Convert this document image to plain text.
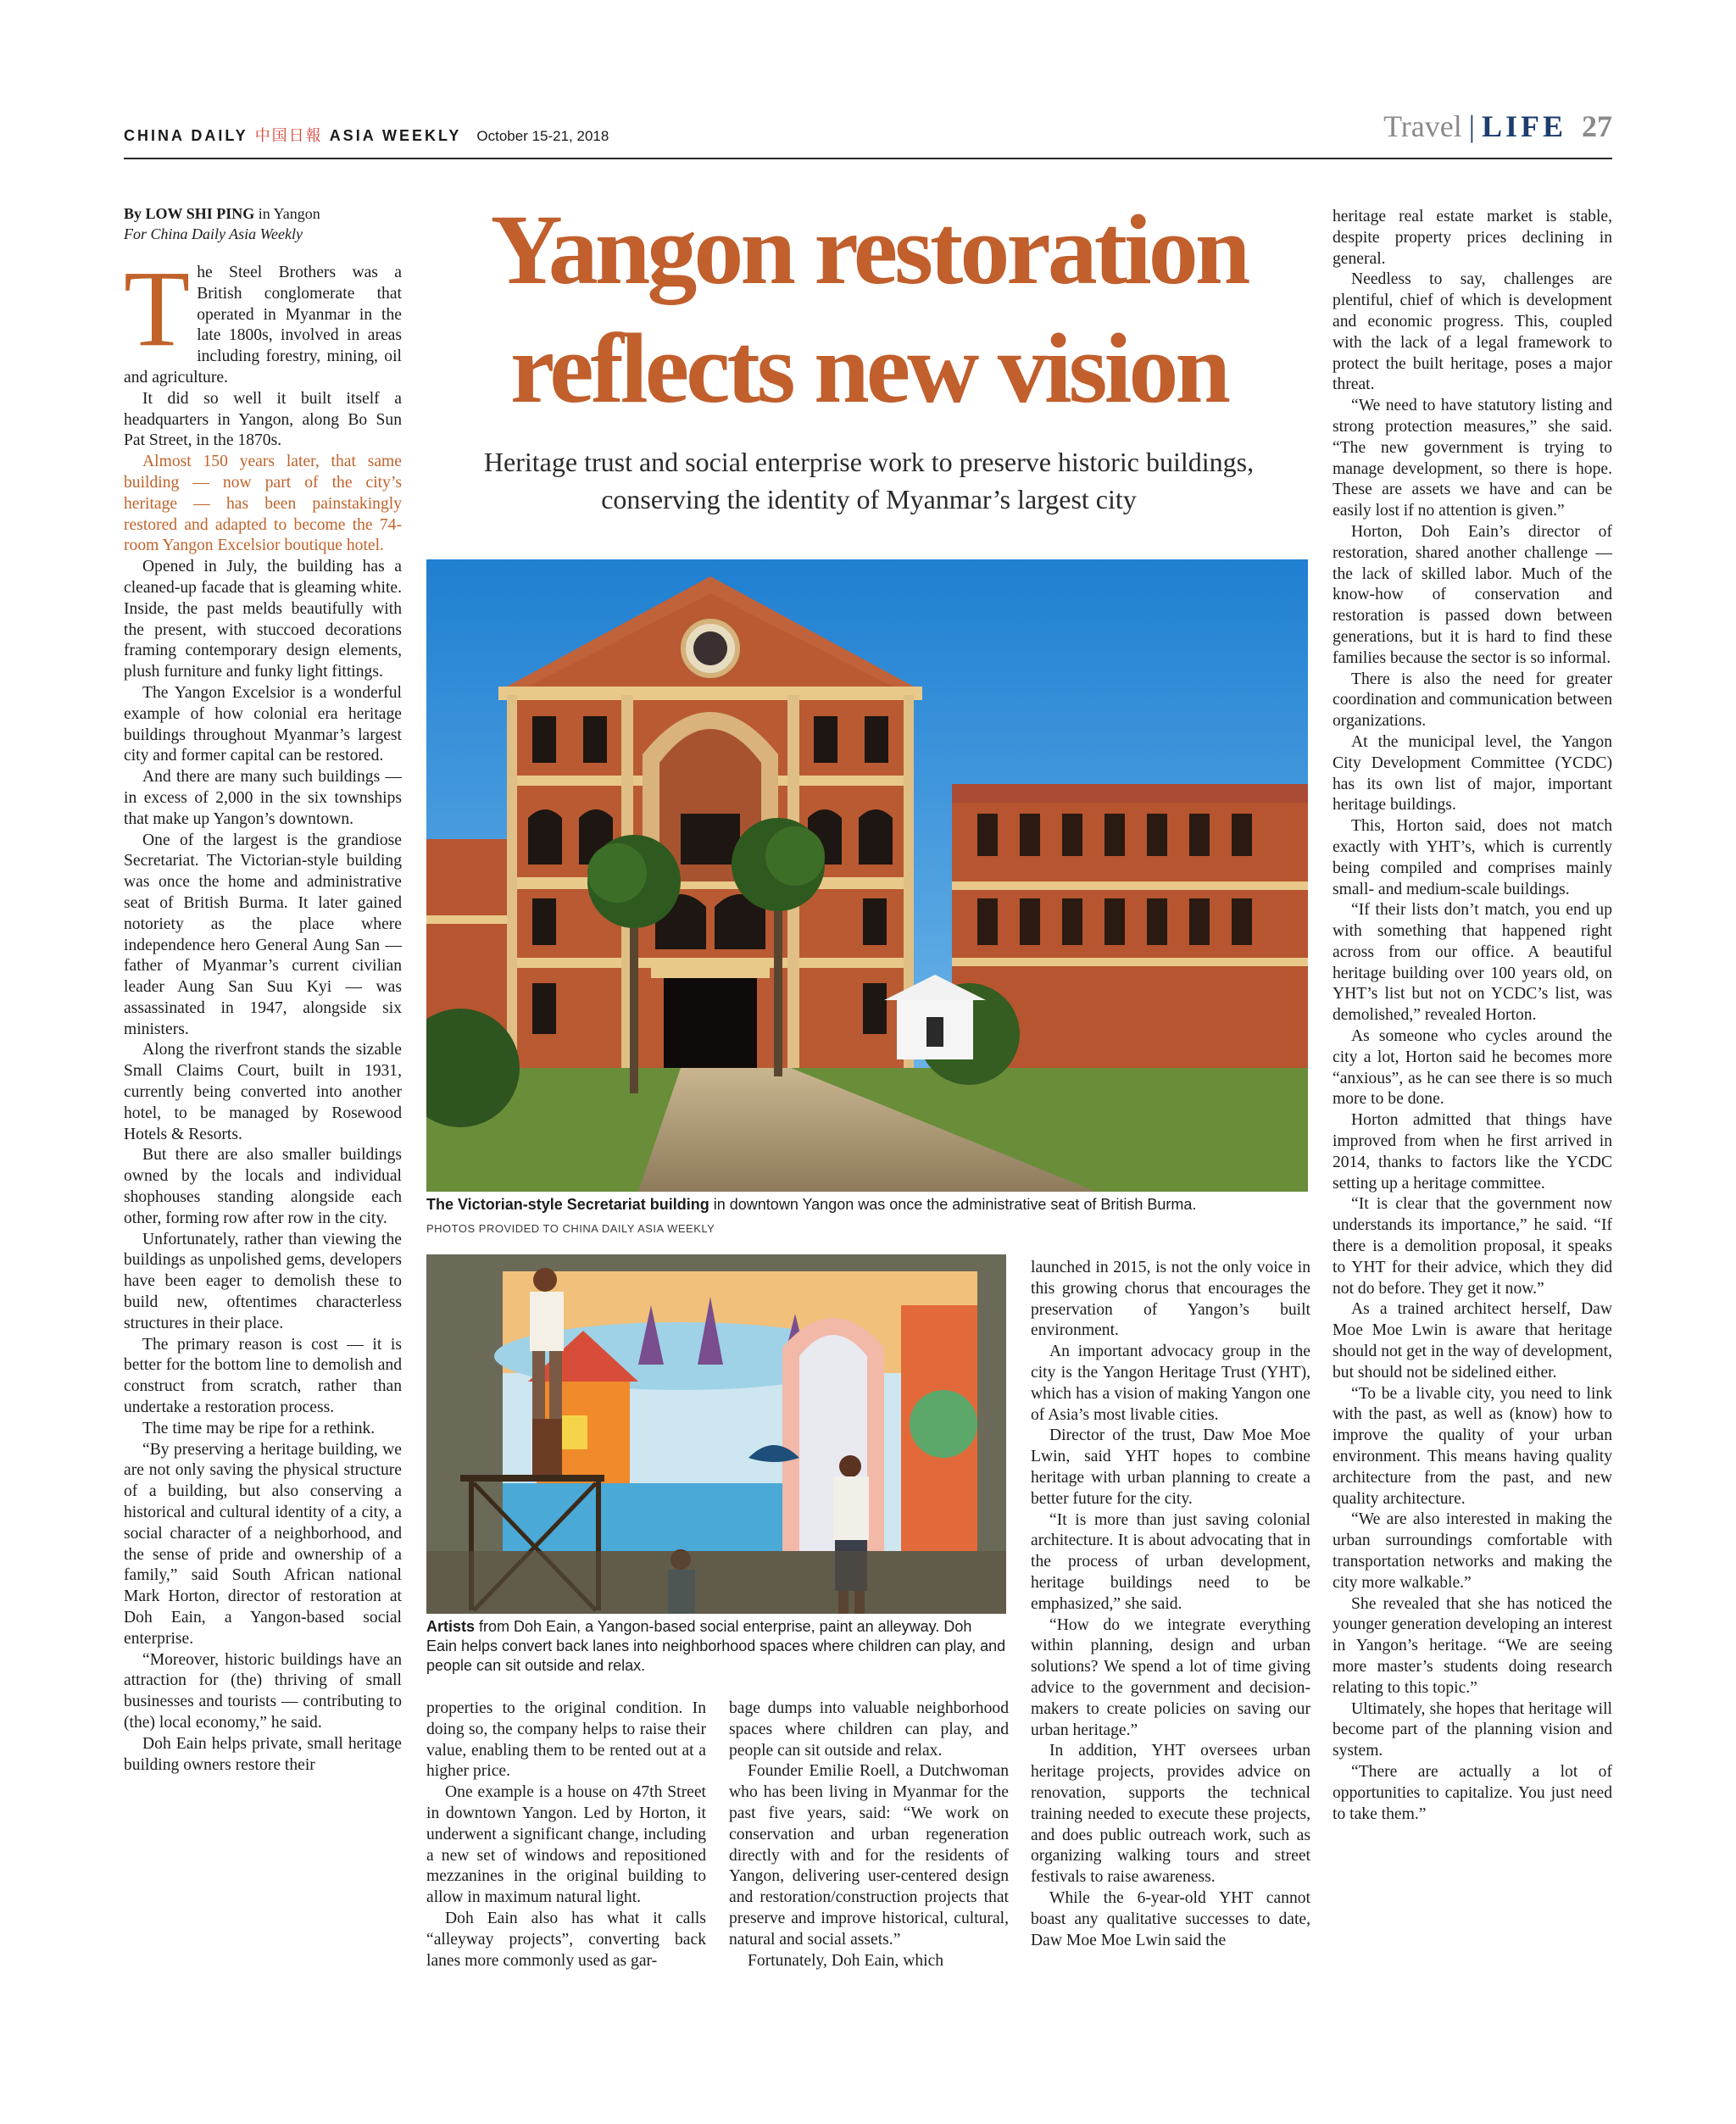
CHINA DAILY 中国日報 ASIA WEEKLY October 15-21, 2018	Travel | LIFE 27
By LOW SHI PING in Yangon
For China Daily Asia Weekly	Yangon restoration
reflects new vision
Heritage trust and social enterprise work to preserve historic buildings,
conserving the identity of Myanmar’s largest city

The Steel Brothers was a British conglomerate that operated in Myanmar in the late 1800s, involved in areas including forestry, mining, oil and agriculture.

It did so well it built itself a headquarters in Yangon, along Bo Sun Pat Street, in the 1870s.

Almost 150 years later, that same building — now part of the city’s heritage — has been painstakingly restored and adapted to become the 74-room Yangon Excelsior boutique hotel.

Opened in July, the building has a cleaned-up facade that is gleaming white. Inside, the past melds beautifully with the present, with stuccoed decorations framing contemporary design elements, plush furniture and funky light fittings.

The Yangon Excelsior is a wonderful example of how colonial era heritage buildings throughout Myanmar’s largest city and former capital can be restored.

And there are many such buildings — in excess of 2,000 in the six townships that make up Yangon’s downtown.

One of the largest is the grandiose Secretariat. The Victorian-style building was once the home and administrative seat of British Burma. It later gained notoriety as the place where independence hero General Aung San — father of Myanmar’s current civilian leader Aung San Suu Kyi — was assassinated in 1947, alongside six ministers.

Along the riverfront stands the sizable Small Claims Court, built in 1931, currently being converted into another hotel, to be managed by Rosewood Hotels & Resorts.

But there are also smaller buildings owned by the locals and individual shophouses standing alongside each other, forming row after row in the city.

Unfortunately, rather than viewing the buildings as unpolished gems, developers have been eager to demolish these to build new, oftentimes characterless structures in their place.

The primary reason is cost — it is better for the bottom line to demolish and construct from scratch, rather than undertake a restoration process.

The time may be ripe for a rethink.

“By preserving a heritage building, we are not only saving the physical structure of a building, but also conserving a historical and cultural identity of a city, a social character of a neighborhood, and the sense of pride and ownership of a family,” said South African national Mark Horton, director of restoration at Doh Eain, a Yangon-based social enterprise.

“Moreover, historic buildings have an attraction for (the) thriving of small businesses and tourists — contributing to (the) local economy,” he said.

Doh Eain helps private, small heritage building owners restore their

The Victorian-style Secretariat building in downtown Yangon was once the administrative seat of British Burma.
PHOTOS PROVIDED TO CHINA DAILY ASIA WEEKLY
Artists from Doh Eain, a Yangon-based social enterprise, paint an alleyway. Doh Eain helps convert back lanes into neighborhood spaces where children can play, and people can sit outside and relax.

properties to the original condition. In doing so, the company helps to raise their value, enabling them to be rented out at a higher price.

One example is a house on 47th Street in downtown Yangon. Led by Horton, it underwent a significant change, including a new set of windows and repositioned mezzanines in the original building to allow in maximum natural light.

Doh Eain also has what it calls “alleyway projects”, converting back lanes more commonly used as gar-

bage dumps into valuable neighborhood spaces where children can play, and people can sit outside and relax.

Founder Emilie Roell, a Dutchwoman who has been living in Myanmar for the past five years, said: “We work on conservation and urban regeneration directly with and for the residents of Yangon, delivering user-centered design and restoration/construction projects that preserve and improve historical, cultural, natural and social assets.”

Fortunately, Doh Eain, which

launched in 2015, is not the only voice in this growing chorus that encourages the preservation of Yangon’s built environment.

An important advocacy group in the city is the Yangon Heritage Trust (YHT), which has a vision of making Yangon one of Asia’s most livable cities.

Director of the trust, Daw Moe Moe Lwin, said YHT hopes to combine heritage with urban planning to create a better future for the city.

“It is more than just saving colonial architecture. It is about advocating that in the process of urban development, heritage buildings need to be emphasized,” she said.

“How do we integrate everything within planning, design and urban solutions? We spend a lot of time giving advice to the government and decision-makers to create policies on saving our urban heritage.”

In addition, YHT oversees urban heritage projects, provides advice on renovation, supports the technical training needed to execute these projects, and does public outreach work, such as organizing walking tours and street festivals to raise awareness.

While the 6-year-old YHT cannot boast any qualitative successes to date, Daw Moe Moe Lwin said the

heritage real estate market is stable, despite property prices declining in general.

Needless to say, challenges are plentiful, chief of which is development and economic progress. This, coupled with the lack of a legal framework to protect the built heritage, poses a major threat.

“We need to have statutory listing and strong protection measures,” she said. “The new government is trying to manage development, so there is hope. These are assets we have and can be easily lost if no attention is given.”

Horton, Doh Eain’s director of restoration, shared another challenge — the lack of skilled labor. Much of the know-how of conservation and restoration is passed down between generations, but it is hard to find these families because the sector is so informal.

There is also the need for greater coordination and communication between organizations.

At the municipal level, the Yangon City Development Committee (YCDC) has its own list of major, important heritage buildings.

This, Horton said, does not match exactly with YHT’s, which is currently being compiled and comprises mainly small- and medium-scale buildings.

“If their lists don’t match, you end up with something that happened right across from our office. A beautiful heritage building over 100 years old, on YHT’s list but not on YCDC’s list, was demolished,” revealed Horton.

As someone who cycles around the city a lot, Horton said he becomes more “anxious”, as he can see there is so much more to be done.

Horton admitted that things have improved from when he first arrived in 2014, thanks to factors like the YCDC setting up a heritage committee.

“It is clear that the government now understands its importance,” he said. “If there is a demolition proposal, it speaks to YHT for their advice, which they did not do before. They get it now.”

As a trained architect herself, Daw Moe Moe Lwin is aware that heritage should not get in the way of development, but should not be sidelined either.

“To be a livable city, you need to link with the past, as well as (know) how to improve the quality of your urban environment. This means having quality architecture from the past, and new quality architecture.

“We are also interested in making the urban surroundings comfortable with transportation networks and making the city more walkable.”

She revealed that she has noticed the younger generation developing an interest in Yangon’s heritage. “We are seeing more master’s students doing research relating to this topic.”

Ultimately, she hopes that heritage will become part of the planning vision and system.

“There are actually a lot of opportunities to capitalize. You just need to take them.”
